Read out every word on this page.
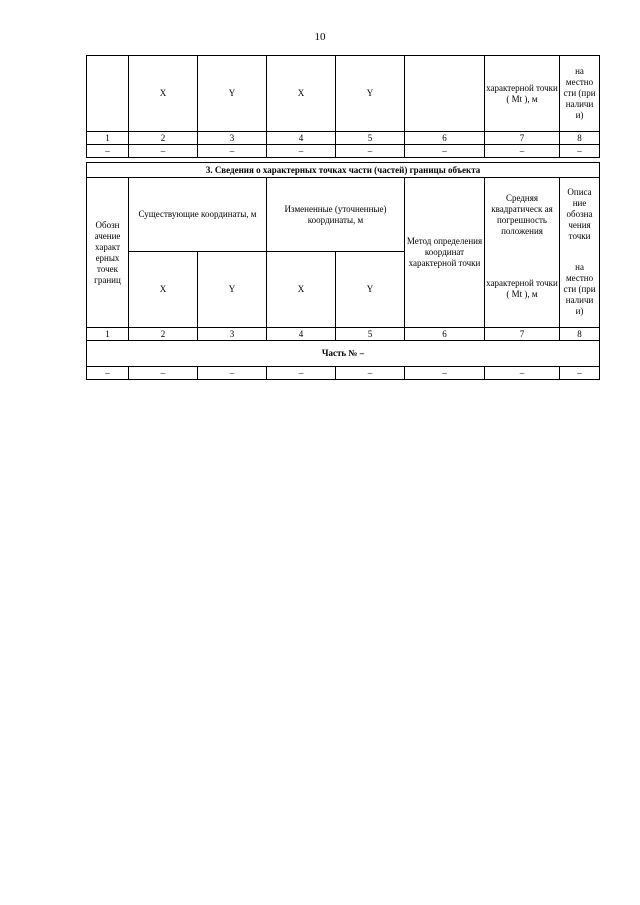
10
	X	Y	X	Y		характерной точки ( Mt ), м	на местно сти (при наличи и)
1	2	3	4	5	6	7	8
–	–	–	–	–	–	–	–
3. Сведения о характерных точках части (частей) границы объекта							
Обозн ачение характ ерных точек границ	Существующие координаты, м		Измененные (уточненные) координаты, м		Метод определения координат характерной точки	Средняя квадратическ ая погрешность положения	Описа ние обозна чения точки
	X	Y	X	Y		характерной точки ( Mt ), м	на местно сти (при наличи и)
1	2	3	4	5	6	7	8
Часть № –							
–	–	–	–	–	–	–	–
